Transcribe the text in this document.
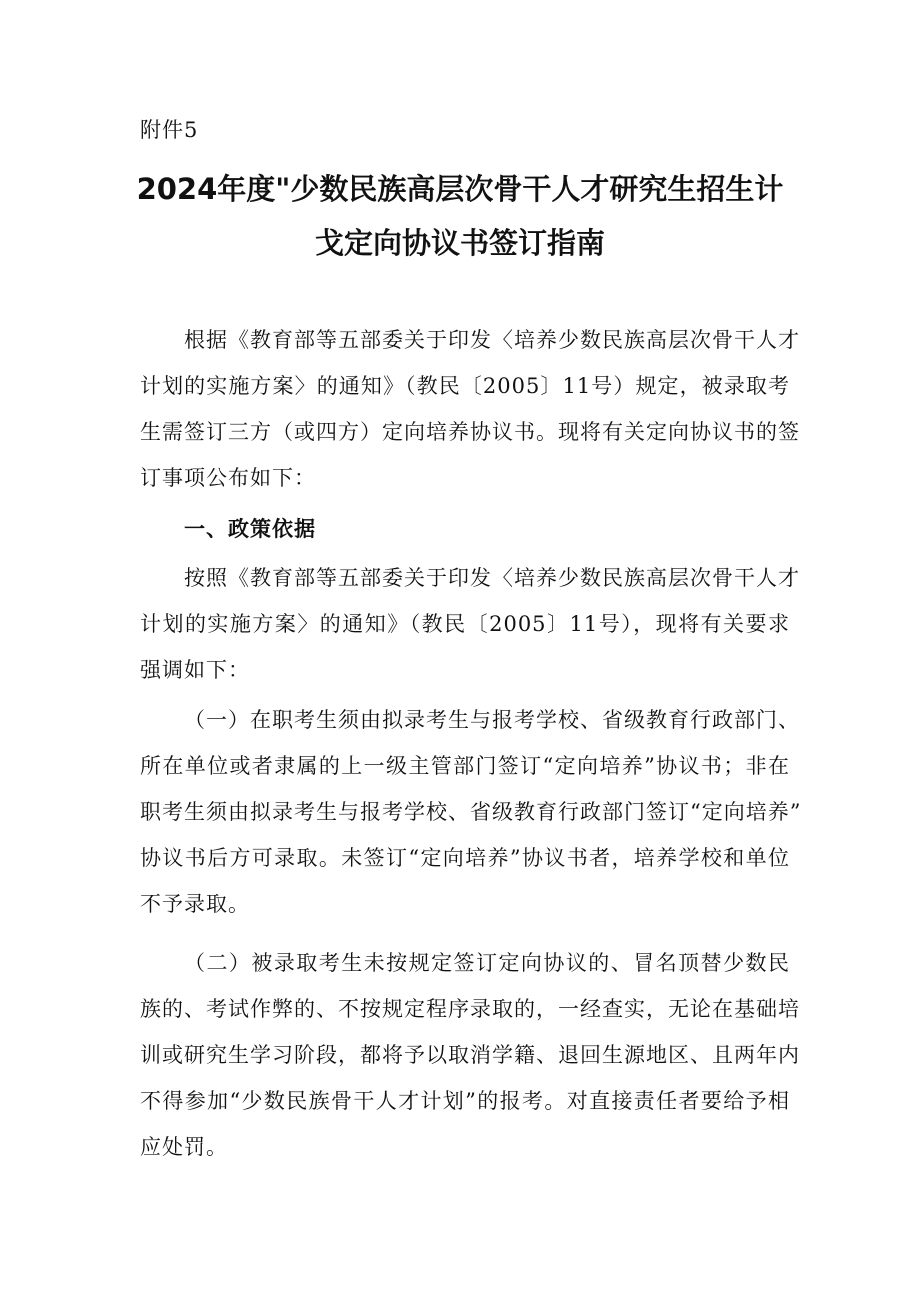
附件5
2024年度"少数民族高层次骨干人才研究生招生计
戈定向协议书签订指南
根据《教育部等五部委关于印发〈培养少数民族高层次骨干人才
计划的实施方案〉的通知》（教民〔2005〕11号）规定，被录取考
生需签订三方（或四方）定向培养协议书。现将有关定向协议书的签
订事项公布如下：
一、政策依据
按照《教育部等五部委关于印发〈培养少数民族高层次骨干人才
计划的实施方案〉的通知》（教民〔2005〕11号），现将有关要求
强调如下：
（一）在职考生须由拟录考生与报考学校、省级教育行政部门、
所在单位或者隶属的上一级主管部门签订“定向培养”协议书；非在
职考生须由拟录考生与报考学校、省级教育行政部门签订“定向培养”
协议书后方可录取。未签订“定向培养”协议书者，培养学校和单位
不予录取。
（二）被录取考生未按规定签订定向协议的、冒名顶替少数民
族的、考试作弊的、不按规定程序录取的，一经查实，无论在基础培
训或研究生学习阶段，都将予以取消学籍、退回生源地区、且两年内
不得参加“少数民族骨干人才计划”的报考。对直接责任者要给予相
应处罚。
